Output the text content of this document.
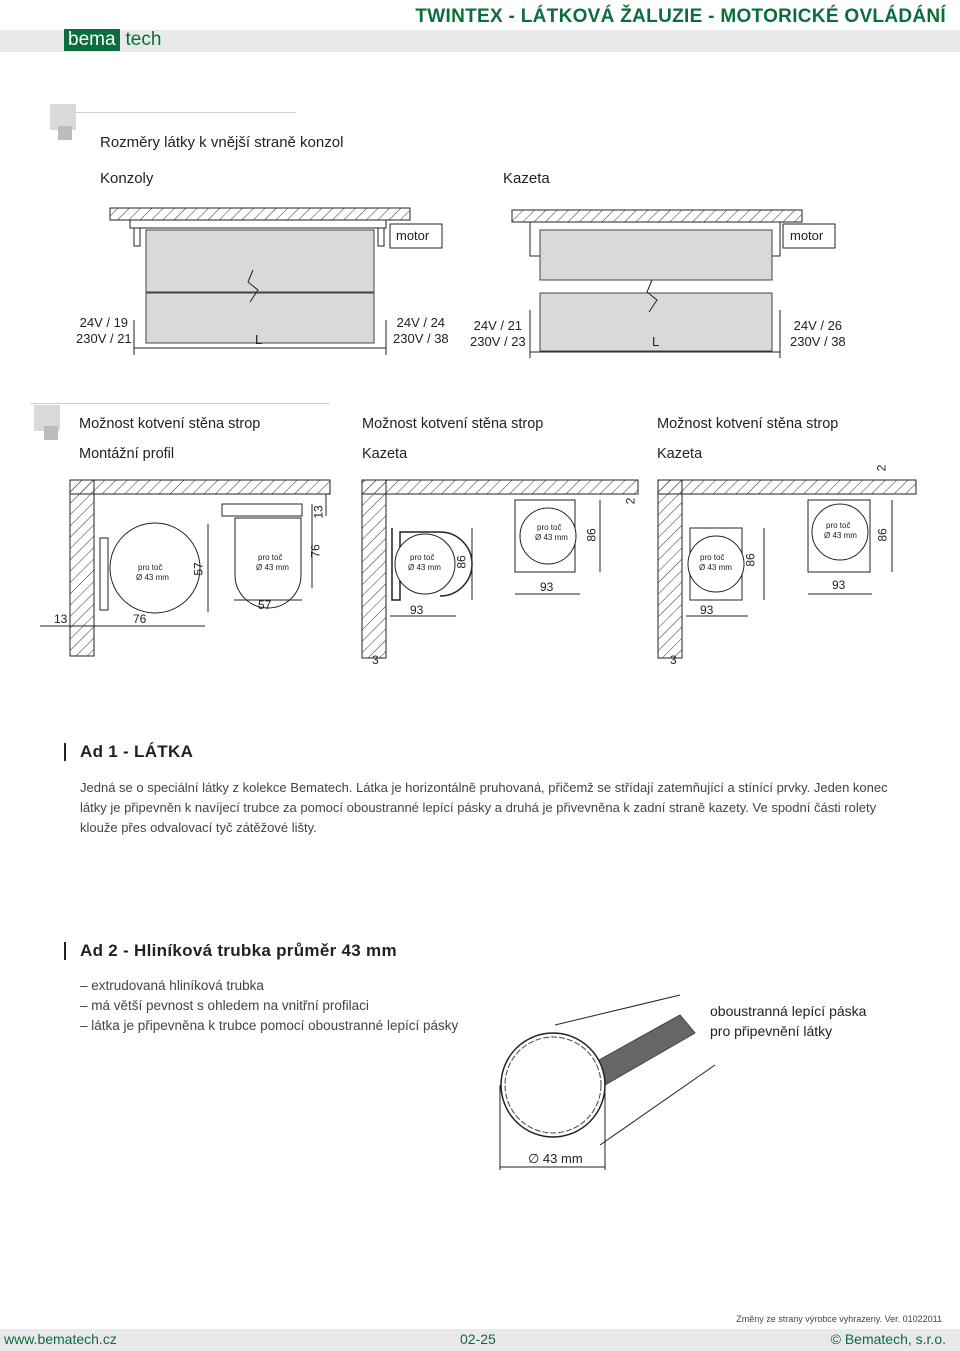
bema tech
TWINTEX - LÁTKOVÁ ŽALUZIE - MOTORICKÉ OVLÁDÁNÍ
Rozměry látky k vnější straně konzol
Konzoly	Kazeta
motor	motor
24V / 19
230V / 21	L
24V / 24
230V / 38
24V / 21
230V / 23	L
24V / 26
230V / 38
Možnost kotvení stěna strop
Montážní profil
Možnost kotvení stěna strop
Kazeta
Možnost kotvení stěna strop
Kazeta
pro toč
Ø 43 mm
pro toč
Ø 43 mm
pro toč
Ø 43 mm
pro toč
Ø 43 mm
pro toč
Ø 43 mm
pro toč
Ø 43 mm
13	76
57
57
76
13
93
3
86
93
86
2
93
3
86
93
86
2
Ad 1 - LÁTKA
Jedná se o speciální látky z kolekce Bematech. Látka je horizontálně pruhovaná, přičemž se střídají zatemňující a stínící prvky. Jeden konec látky je připevněn k navíjecí trubce za pomocí oboustranné lepící pásky a druhá je přivevněna k zadní straně kazety. Ve spodní části rolety klouže přes odvalovací tyč zátěžové lišty.
Ad 2 - Hliníková trubka průměr 43 mm
– extrudovaná hliníková trubka
– má větší pevnost s ohledem na vnitřní profilaci
– látka je připevněna k trubce pomocí oboustranné lepící pásky
oboustranná lepící páska
pro připevnění látky
∅ 43 mm
Změny ze strany výrobce vyhrazeny. Ver. 01022011
www.bematech.cz	02-25	© Bematech, s.r.o.
